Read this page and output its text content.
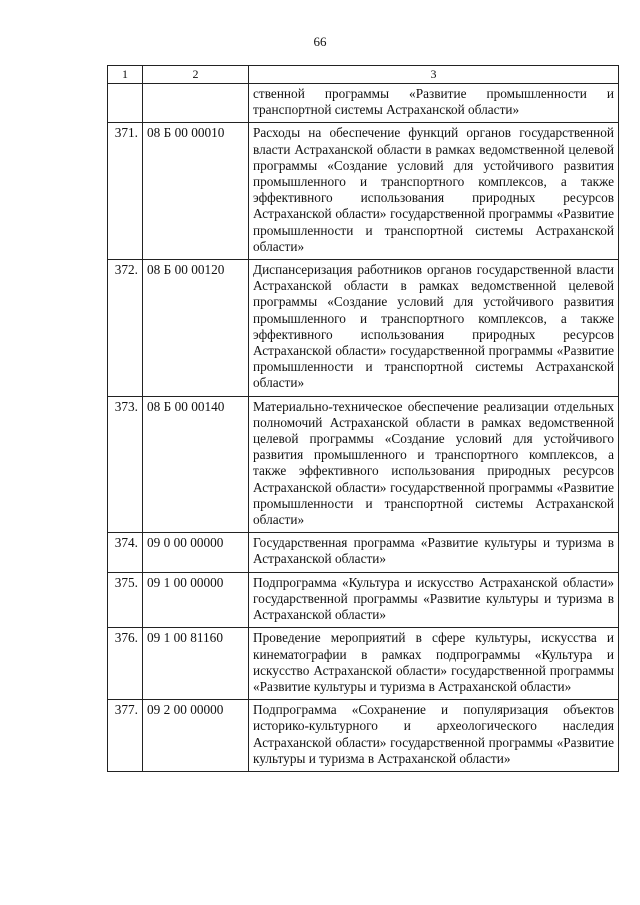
66
1	2	3
		ственной программы «Развитие промышленности и транспортной системы Астраханской области»
371.	08 Б 00 00010	Расходы на обеспечение функций органов государственной власти Астраханской области в рамках ведомственной целевой программы «Создание условий для устойчивого развития промышленного и транспортного комплексов, а также эффективного использования природных ресурсов Астраханской области» государственной программы «Развитие промышленности и транспортной системы Астраханской области»
372.	08 Б 00 00120	Диспансеризация работников органов государственной власти Астраханской области в рамках ведомственной целевой программы «Создание условий для устойчивого развития промышленного и транспортного комплексов, а также эффективного использования природных ресурсов Астраханской области» государственной программы «Развитие промышленности и транспортной системы Астраханской области»
373.	08 Б 00 00140	Материально-техническое обеспечение реализации отдельных полномочий Астраханской области в рамках ведомственной целевой программы «Создание условий для устойчивого развития промышленного и транспортного комплексов, а также эффективного использования природных ресурсов Астраханской области» государственной программы «Развитие промышленности и транспортной системы Астраханской области»
374.	09 0 00 00000	Государственная программа «Развитие культуры и туризма в Астраханской области»
375.	09 1 00 00000	Подпрограмма «Культура и искусство Астраханской области» государственной программы «Развитие культуры и туризма в Астраханской области»
376.	09 1 00 81160	Проведение мероприятий в сфере культуры, искусства и кинематографии в рамках подпрограммы «Культура и искусство Астраханской области» государственной программы «Развитие культуры и туризма в Астраханской области»
377.	09 2 00 00000	Подпрограмма «Сохранение и популяризация объектов историко-культурного и археологического наследия Астраханской области» государственной программы «Развитие культуры и туризма в Астраханской области»
